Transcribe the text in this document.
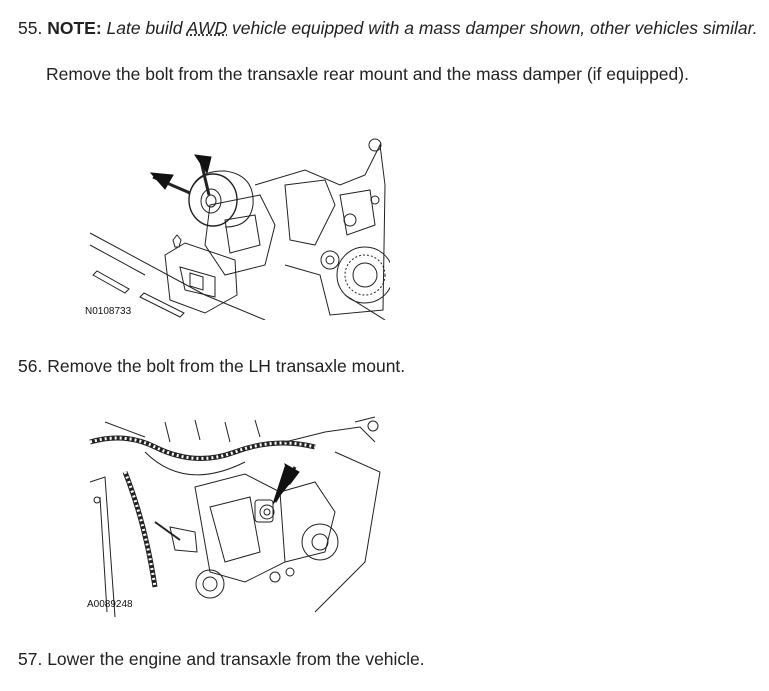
55. NOTE: Late build AWD vehicle equipped with a mass damper shown, other vehicles similar.
Remove the bolt from the transaxle rear mount and the mass damper (if equipped).
N0108733
56. Remove the bolt from the LH transaxle mount.
A0089248
57. Lower the engine and transaxle from the vehicle.
